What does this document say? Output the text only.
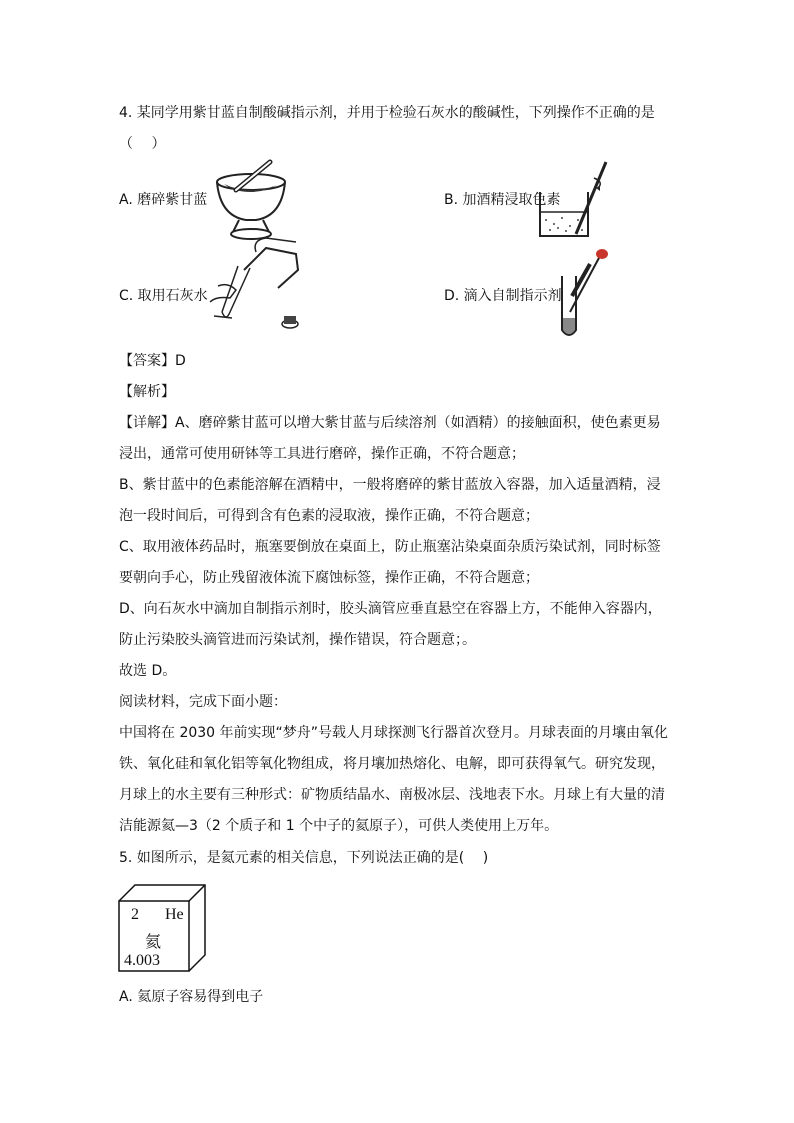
4. 某同学用紫甘蓝自制酸碱指示剂，并用于检验石灰水的酸碱性，下列操作不正确的是
（　 ）
A. 磨碎紫甘蓝	B. 加酒精浸取色素
C. 取用石灰水	D. 滴入自制指示剂
【答案】D
【解析】
【详解】A、磨碎紫甘蓝可以增大紫甘蓝与后续溶剂（如酒精）的接触面积，使色素更易
浸出，通常可使用研钵等工具进行磨碎，操作正确，不符合题意；
B、紫甘蓝中的色素能溶解在酒精中，一般将磨碎的紫甘蓝放入容器，加入适量酒精，浸
泡一段时间后，可得到含有色素的浸取液，操作正确，不符合题意；
C、取用液体药品时，瓶塞要倒放在桌面上，防止瓶塞沾染桌面杂质污染试剂，同时标签
要朝向手心，防止残留液体流下腐蚀标签，操作正确，不符合题意；
D、向石灰水中滴加自制指示剂时，胶头滴管应垂直悬空在容器上方，不能伸入容器内，
防止污染胶头滴管进而污染试剂，操作错误，符合题意；。
故选 D。
阅读材料，完成下面小题：
中国将在 2030 年前实现“梦舟”号载人月球探测飞行器首次登月。月球表面的月壤由氧化
铁、氧化硅和氧化铝等氧化物组成，将月壤加热熔化、电解，即可获得氧气。研究发现，
月球上的水主要有三种形式：矿物质结晶水、南极冰层、浅地表下水。月球上有大量的清
洁能源氦—3（2 个质子和 1 个中子的氦原子），可供人类使用上万年。
5. 如图所示，是氦元素的相关信息，下列说法正确的是(　 )
2 He
氦
4.003
A. 氦原子容易得到电子
